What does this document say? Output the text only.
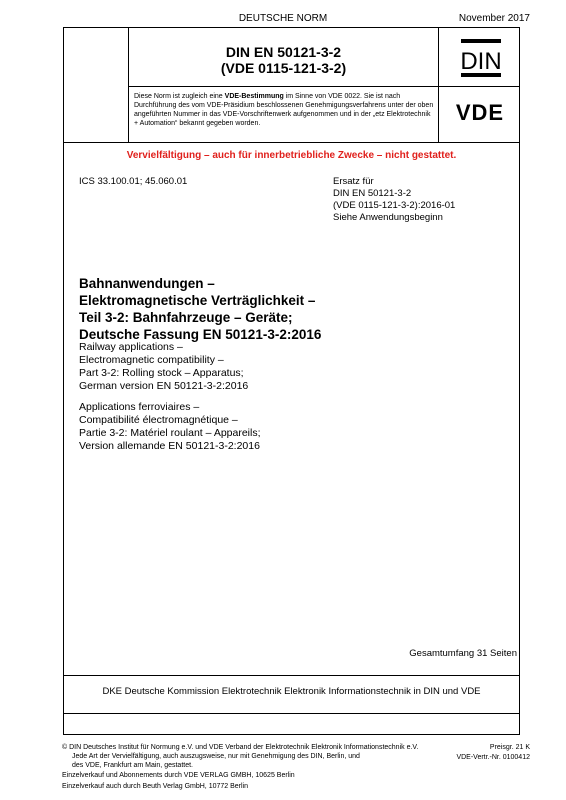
DEUTSCHE NORM	November 2017
DIN EN 50121-3-2
(VDE 0115-121-3-2)	DIN
VDE
Diese Norm ist zugleich eine VDE-Bestimmung im Sinne von VDE 0022. Sie ist nach Durchführung des vom VDE-Präsidium beschlossenen Genehmigungsverfahrens unter der oben angeführten Nummer in das VDE-Vorschriftenwerk aufgenommen und in der „etz Elektrotechnik + Automation“ bekannt gegeben worden.
Vervielfältigung – auch für innerbetriebliche Zwecke – nicht gestattet.
ICS 33.100.01; 45.060.01	Ersatz für
DIN EN 50121-3-2
(VDE 0115-121-3-2):2016-01
Siehe Anwendungsbeginn
Bahnanwendungen –
Elektromagnetische Verträglichkeit –
Teil 3-2: Bahnfahrzeuge – Geräte;
Deutsche Fassung EN 50121-3-2:2016
Railway applications –
Electromagnetic compatibility –
Part 3-2: Rolling stock – Apparatus;
German version EN 50121-3-2:2016
Applications ferroviaires –
Compatibilité électromagnétique –
Partie 3-2: Matériel roulant – Appareils;
Version allemande EN 50121-3-2:2016
Gesamtumfang 31 Seiten
DKE Deutsche Kommission Elektrotechnik Elektronik Informationstechnik in DIN und VDE
© DIN Deutsches Institut für Normung e.V. und VDE Verband der Elektrotechnik Elektronik Informationstechnik e.V.
Jede Art der Vervielfältigung, auch auszugsweise, nur mit Genehmigung des DIN, Berlin, und
des VDE, Frankfurt am Main, gestattet.
Preisgr. 21 K
VDE-Vertr.-Nr. 0100412
Einzelverkauf und Abonnements durch VDE VERLAG GMBH, 10625 Berlin
Einzelverkauf auch durch Beuth Verlag GmbH, 10772 Berlin
